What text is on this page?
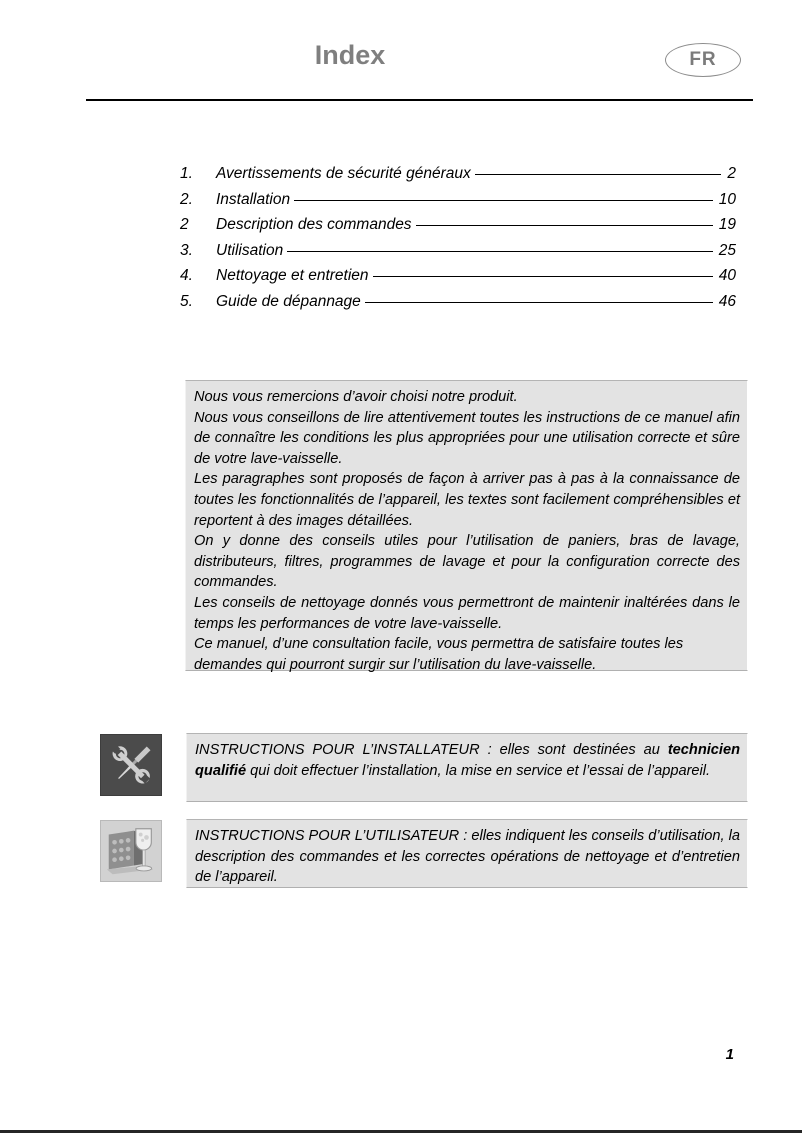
Index	FR
1.	Avertissements de sécurité généraux	2
2.	Installation	10
2	Description des commandes	19
3.	Utilisation	25
4.	Nettoyage et entretien	40
5.	Guide de dépannage	46

Nous vous remercions d’avoir choisi notre produit.

Nous vous conseillons de lire attentivement toutes les instructions de ce manuel afin de connaître les conditions les plus appropriées pour une utilisation correcte et sûre de votre lave-vaisselle.

Les paragraphes sont proposés de façon à arriver pas à pas à la connaissance de toutes les fonctionnalités de l’appareil, les textes sont facilement compréhensibles et reportent à des images détaillées.

On y donne des conseils utiles pour l’utilisation de paniers, bras de lavage, distributeurs, filtres, programmes de lavage et pour la configuration correcte des commandes.

Les conseils de nettoyage donnés vous permettront de maintenir inaltérées dans le temps les performances de votre lave-vaisselle.

Ce manuel, d’une consultation facile, vous permettra de satisfaire toutes les demandes qui pourront surgir sur l’utilisation du lave-vaisselle.

INSTRUCTIONS POUR L’INSTALLATEUR : elles sont destinées au technicien qualifié qui doit effectuer l’installation, la mise en service et l’essai de l’appareil.
INSTRUCTIONS POUR L’UTILISATEUR : elles indiquent les conseils d’utilisation, la description des commandes et les correctes opérations de nettoyage et d’entretien de l’appareil.
1
